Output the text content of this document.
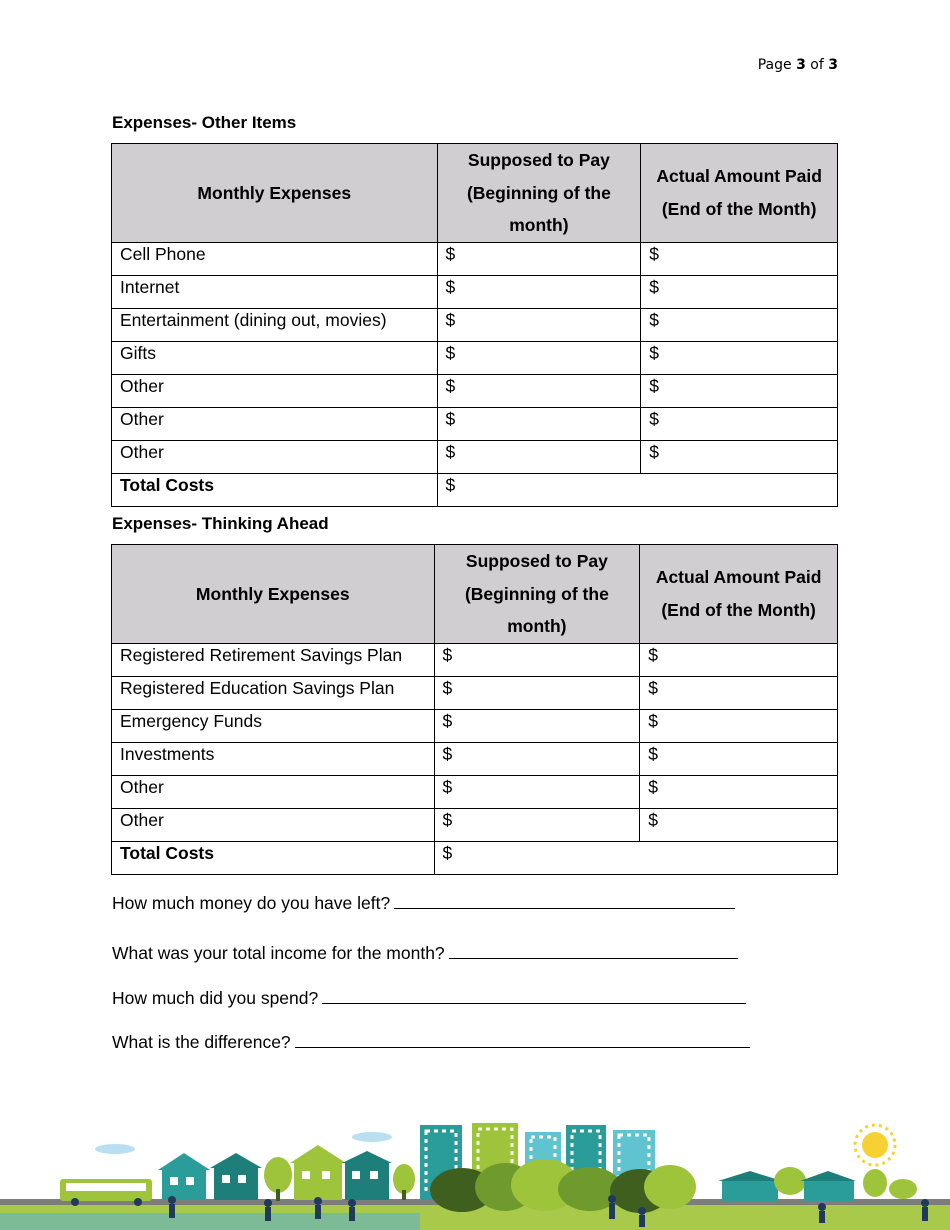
Page 3 of 3
Expenses- Other Items
Monthly Expenses	Supposed to Pay (Beginning of the month)	Actual Amount Paid (End of the Month)
Cell Phone	$	$
Internet	$	$
Entertainment (dining out, movies)	$	$
Gifts	$	$
Other	$	$
Other	$	$
Other	$	$
Total Costs	$	
Expenses- Thinking Ahead
Monthly Expenses	Supposed to Pay (Beginning of the month)	Actual Amount Paid (End of the Month)
Registered Retirement Savings Plan	$	$
Registered Education Savings Plan	$	$
Emergency Funds	$	$
Investments	$	$
Other	$	$
Other	$	$
Total Costs	$	
How much money do you have left?
What was your total income for the month?
How much did you spend?
What is the difference?
